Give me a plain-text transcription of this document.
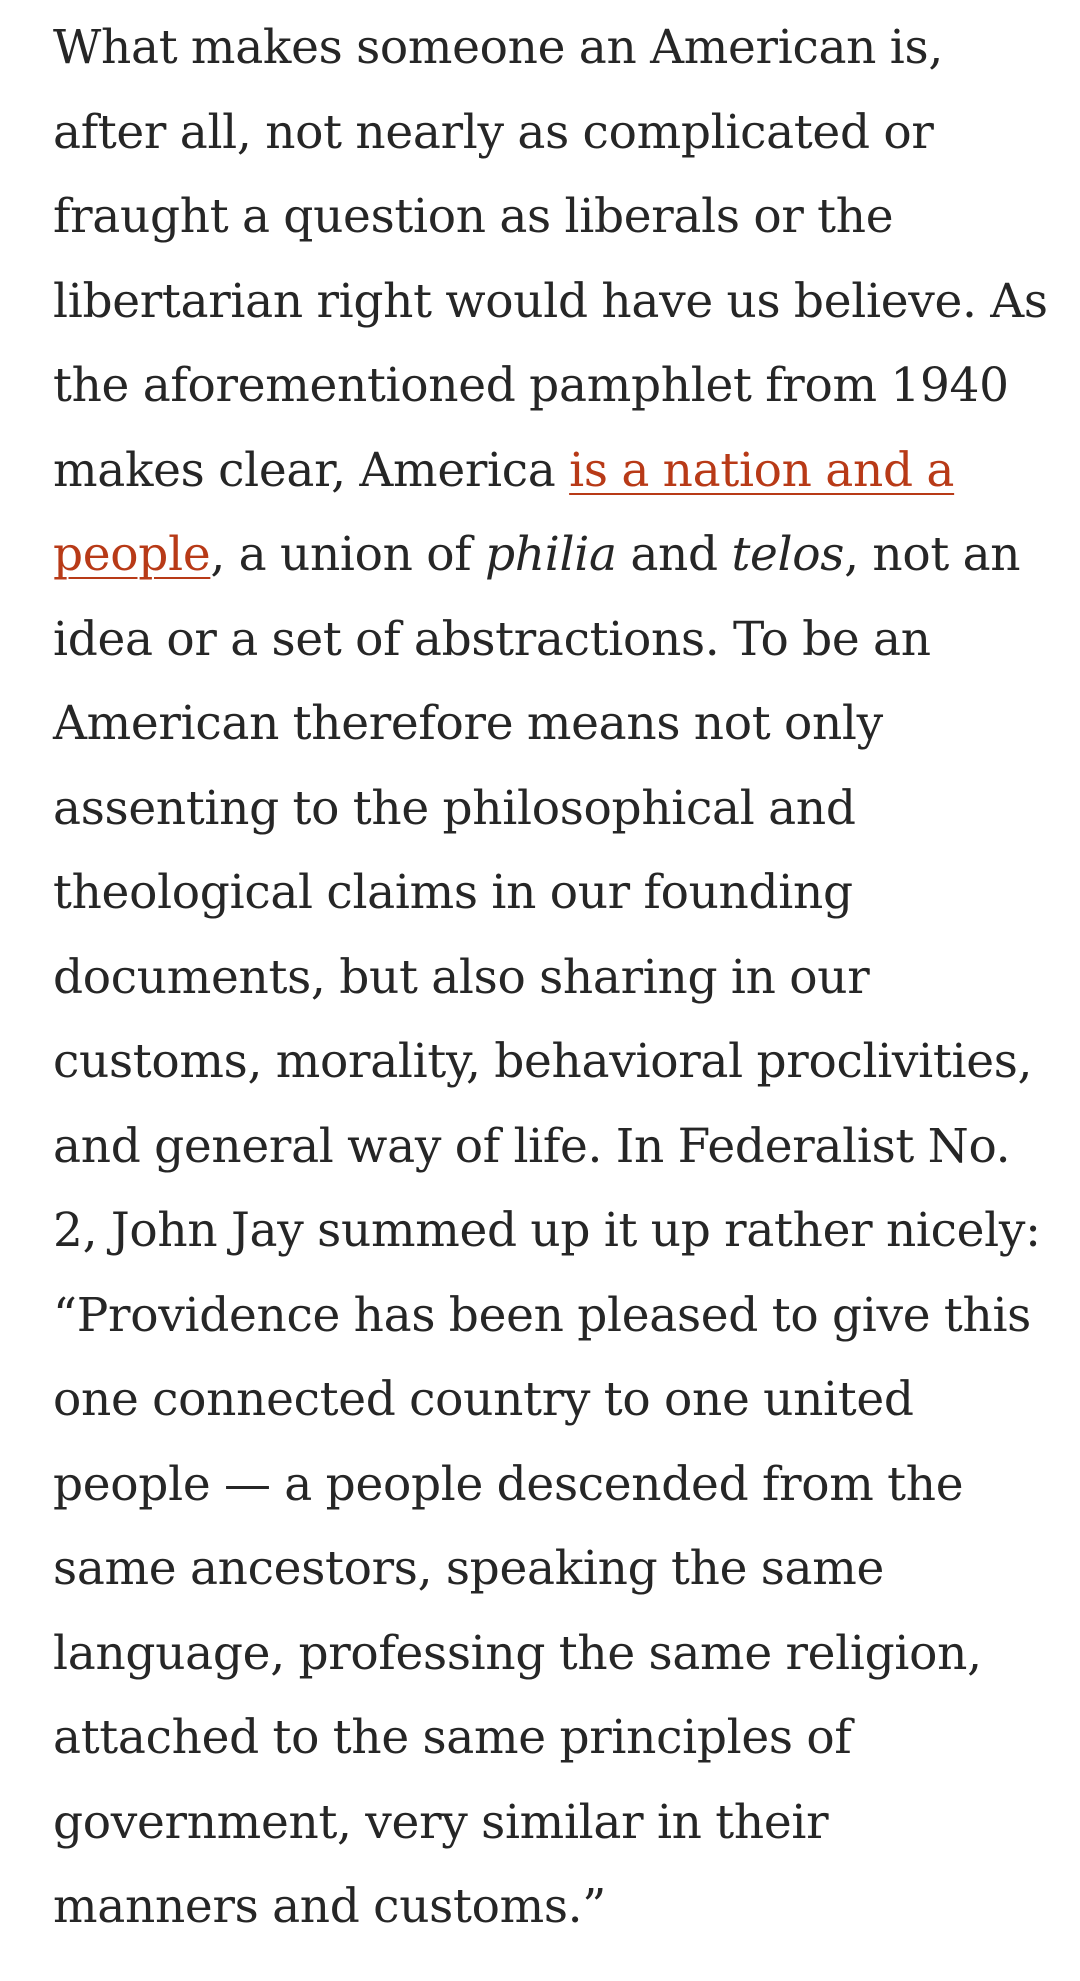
What makes someone an American is,
after all, not nearly as complicated or
fraught a question as liberals or the
libertarian right would have us believe. As
the aforementioned pamphlet from 1940
makes clear, America is a nation and a
people, a union of philia and telos, not an
idea or a set of abstractions. To be an
American therefore means not only
assenting to the philosophical and
theological claims in our founding
documents, but also sharing in our
customs, morality, behavioral proclivities,
and general way of life. In Federalist No.
2, John Jay summed up it up rather nicely:
“Providence has been pleased to give this
one connected country to one united
people — a people descended from the
same ancestors, speaking the same
language, professing the same religion,
attached to the same principles of
government, very similar in their
manners and customs.”
